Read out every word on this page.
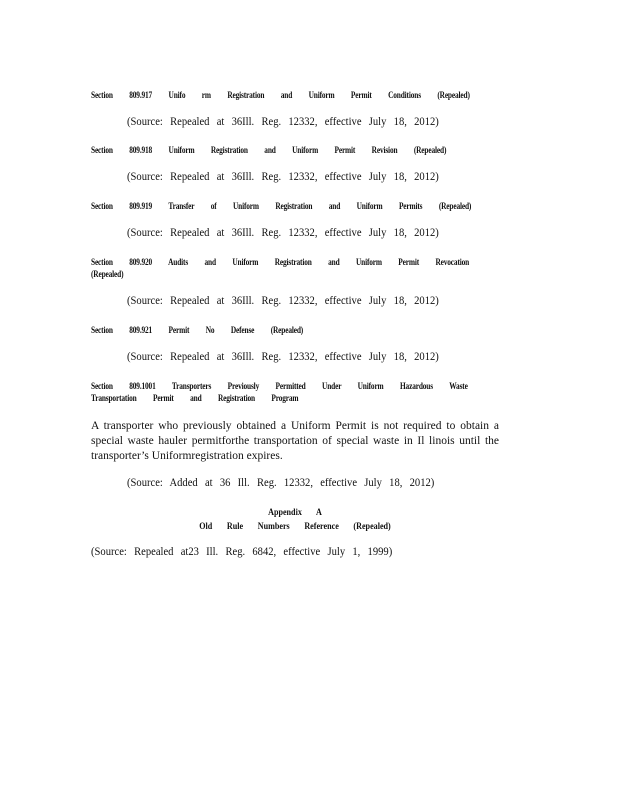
Section 809.917 Unifo rm Registration and Uniform Permit Conditions (Repealed)
(Source: Repealed at 36Ill. Reg. 12332, effective July 18, 2012)
Section 809.918 Uniform Registration and Uniform Permit Revision (Repealed)
(Source: Repealed at 36Ill. Reg. 12332, effective July 18, 2012)
Section 809.919 Transfer of Uniform Registration and Uniform Permits (Repealed)
(Source: Repealed at 36Ill. Reg. 12332, effective July 18, 2012)
Section 809.920 Audits and Uniform Registration and Uniform Permit Revocation (Repealed)
(Source: Repealed at 36Ill. Reg. 12332, effective July 18, 2012)
Section 809.921 Permit No Defense (Repealed)
(Source: Repealed at 36Ill. Reg. 12332, effective July 18, 2012)
Section 809.1001 Transporters Previously Permitted Under Uniform Hazardous Waste Transportation Permit and Registration Program
A transporter who previously obtained a Uniform Permit is not required to obtain a special waste hauler permitforthe transportation of special waste in Il linois until the transporter’s Uniformregistration expires.
(Source: Added at 36 Ill. Reg. 12332, effective July 18, 2012)
Appendix A
Old Rule Numbers Reference (Repealed)
(Source: Repealed at23 Ill. Reg. 6842, effective July 1, 1999)
